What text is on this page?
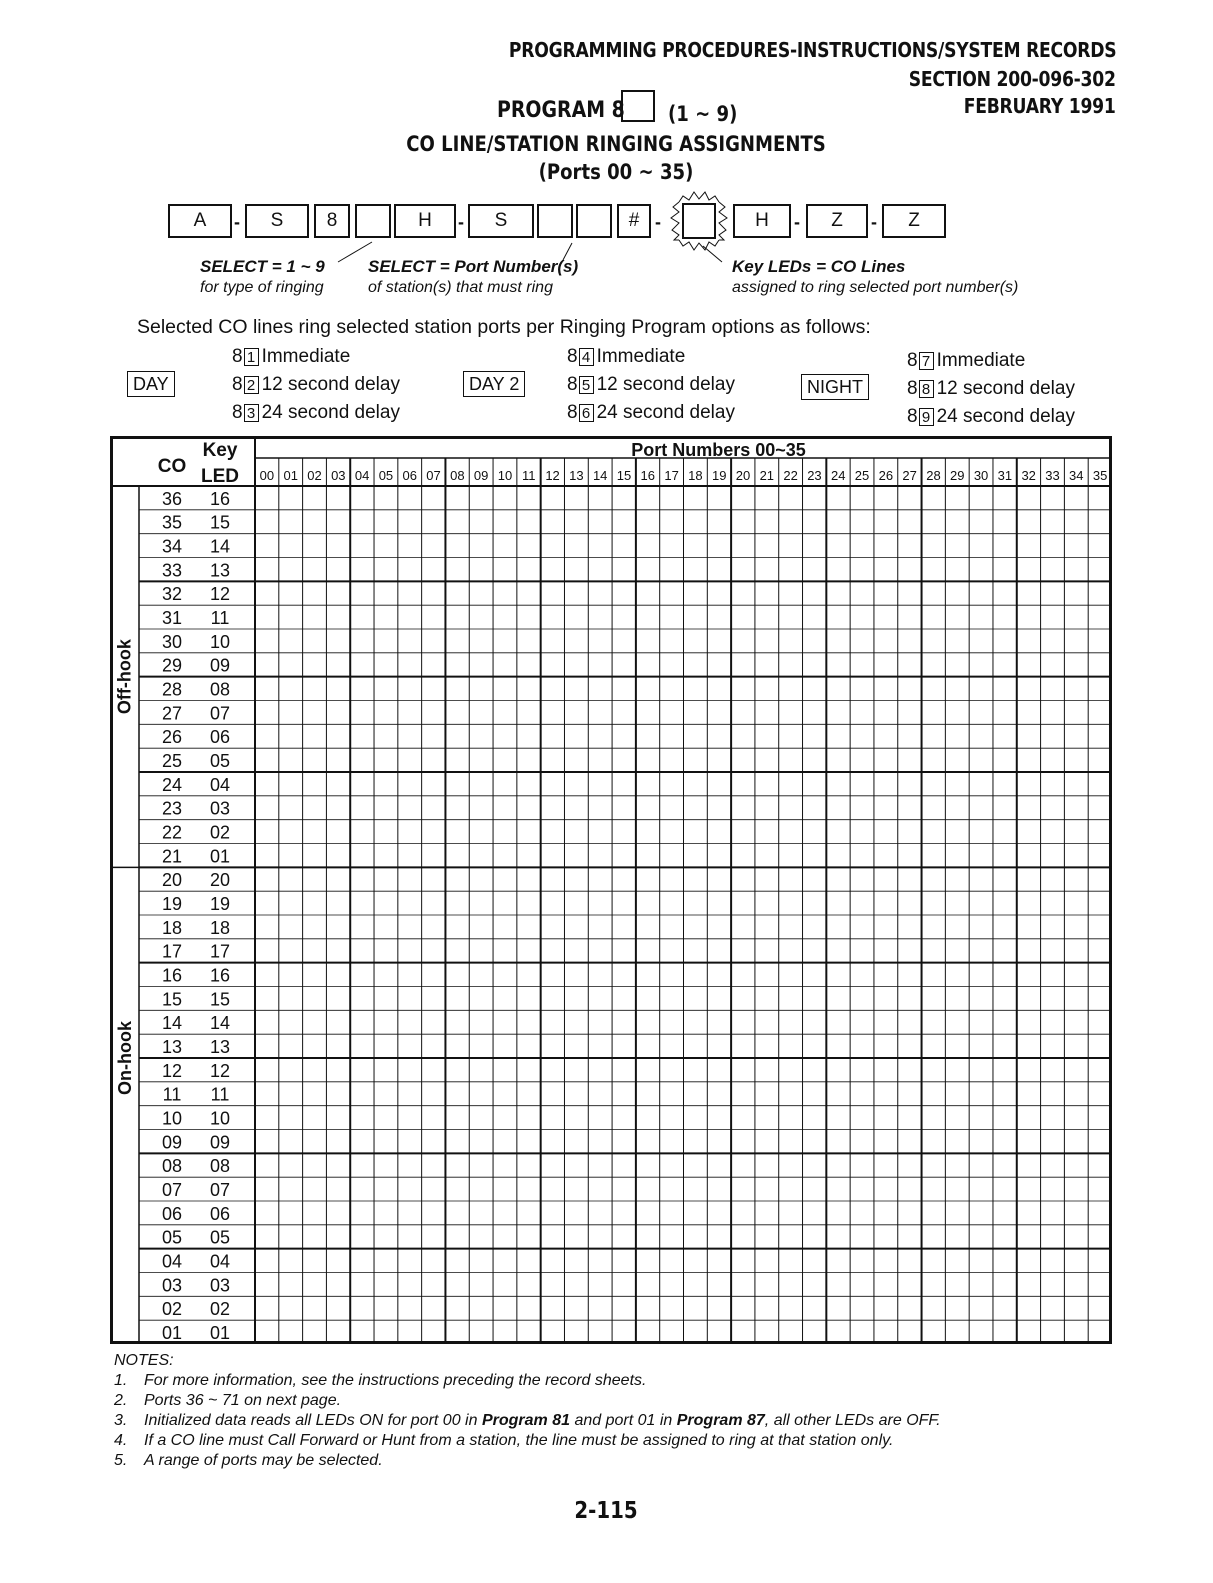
PROGRAMMING PROCEDURES-INSTRUCTIONS/SYSTEM RECORDS
SECTION 200-096-302
FEBRUARY 1991
PROGRAM 8 (1 ~ 9)
CO LINE/STATION RINGING ASSIGNMENTS
(Ports 00 ~ 35)
A	-	S	8	H	-	S	# -	H	-	Z	-	Z
SELECT = 1 ~ 9
for type of ringing
SELECT = Port Number(s)
of station(s) that must ring
Key LEDs = CO Lines
assigned to ring selected port number(s)
Selected CO lines ring selected station ports per Ringing Program options as follows:
DAY
8 1 Immediate
8 2 12 second delay
8 3 24 second delay
DAY 2
8 4 Immediate
8 5 12 second delay
8 6 24 second delay
NIGHT
8 7 Immediate
8 8 12 second delay
8 9 24 second delay
CO
Key
LED
Port Numbers 00~35
00 01 02 03 04 05 06 07 08 09 10 11 12 13 14 15 16 17 18 19 20 21 22 23 24 25 26 27 28 29 30 31 32 33 34 35
36 16
35 15
34 14
33 13
32 12
31 11
30 10
29 09
28 08
27 07
26 06
25 05
24 04
23 03
22 02
21 01
20 20
19 19
18 18
17 17
16 16
15 15
14 14
13 13
12 12
11 11
10 10
09 09
08 08
07 07
06 06
05 05
04 04
03 03
02 02
01 01
Off-hook
On-hook
NOTES:
1. For more information, see the instructions preceding the record sheets.
2. Ports 36 ~ 71 on next page.
3. Initialized data reads all LEDs ON for port 00 in Program 81 and port 01 in Program 87, all other LEDs are OFF.
4. If a CO line must Call Forward or Hunt from a station, the line must be assigned to ring at that station only.
5. A range of ports may be selected.
2-115
